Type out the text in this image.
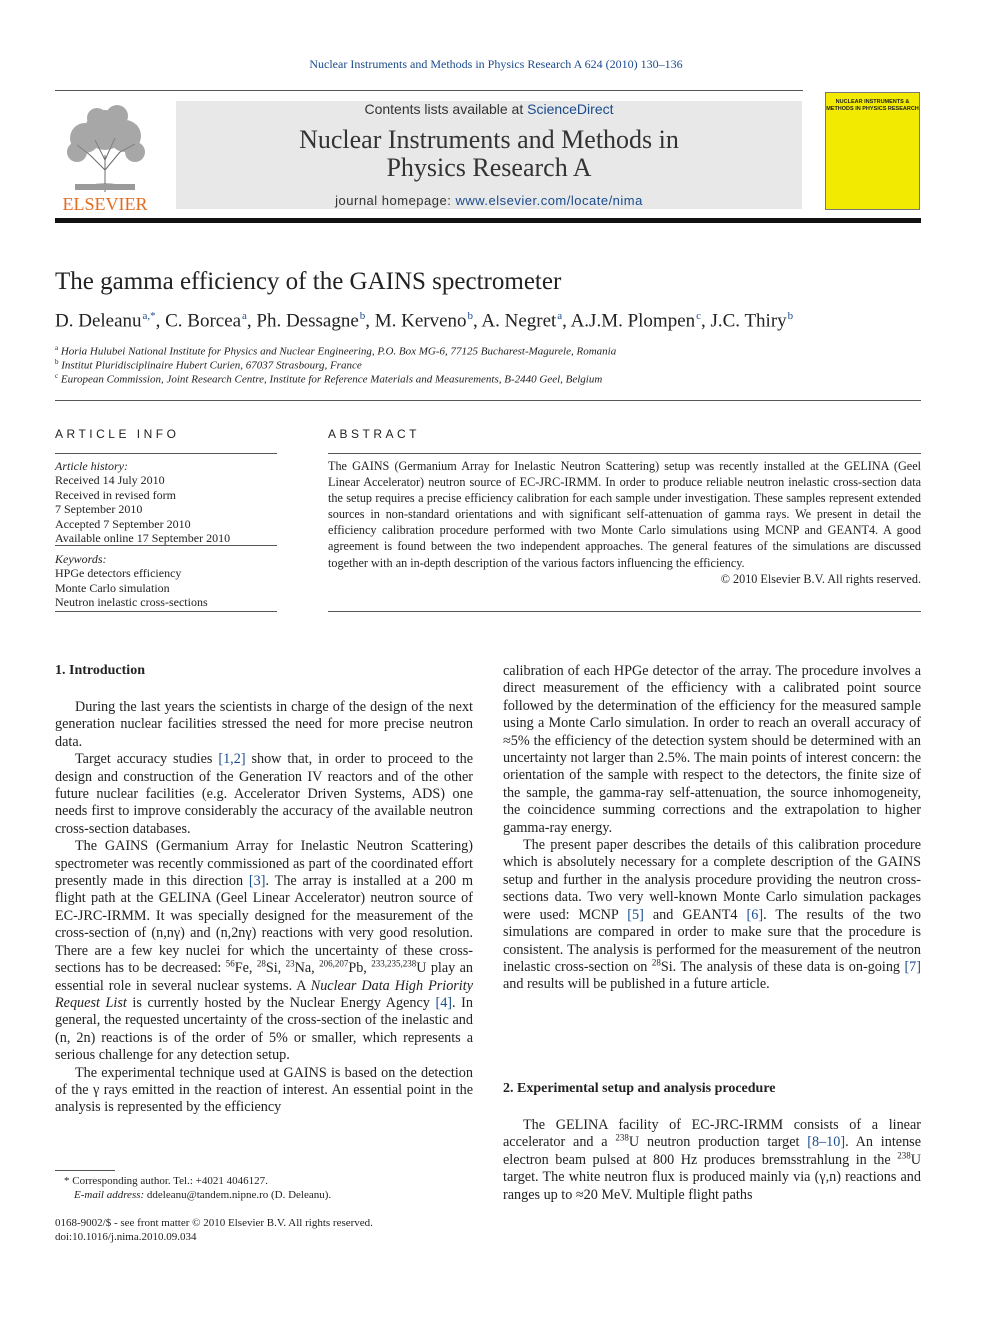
Nuclear Instruments and Methods in Physics Research A 624 (2010) 130–136
ELSEVIER
Contents lists available at ScienceDirect
Nuclear Instruments and Methods in
Physics Research A
journal homepage: www.elsevier.com/locate/nima
NUCLEAR INSTRUMENTS & METHODS IN PHYSICS RESEARCH
The gamma efficiency of the GAINS spectrometer
D. Deleanu $^{a,*}$, C. Borcea $^a$, Ph. Dessagne $^b$, M. Kerveno $^b$, A. Negret $^a$, A.J.M. Plompen $^c$, J.C. Thiry $^b$
$^a$ Horia Hulubei National Institute for Physics and Nuclear Engineering, P.O. Box MG-6, 77125 Bucharest-Magurele, Romania
$^b$ Institut Pluridisciplinaire Hubert Curien, 67037 Strasbourg, France
$^c$ European Commission, Joint Research Centre, Institute for Reference Materials and Measurements, B-2440 Geel, Belgium
ARTICLE INFO
Article history:
Received 14 July 2010
Received in revised form
7 September 2010
Accepted 7 September 2010
Available online 17 September 2010
Keywords:
HPGe detectors efficiency
Monte Carlo simulation
Neutron inelastic cross-sections
ABSTRACT
The GAINS (Germanium Array for Inelastic Neutron Scattering) setup was recently installed at the GELINA (Geel Linear Accelerator) neutron source of EC-JRC-IRMM. In order to produce reliable neutron inelastic cross-section data the setup requires a precise efficiency calibration for each sample under investigation. These samples represent extended sources in non-standard orientations and with significant self-attenuation of gamma rays. We present in detail the efficiency calibration procedure performed with two Monte Carlo simulations using MCNP and GEANT4. A good agreement is found between the two independent approaches. The general features of the simulations are discussed together with an in-depth description of the various factors influencing the efficiency.
© 2010 Elsevier B.V. All rights reserved.
1. Introduction

During the last years the scientists in charge of the design of the next generation nuclear facilities stressed the need for more precise neutron data.

Target accuracy studies [1,2] show that, in order to proceed to the design and construction of the Generation IV reactors and of the other future nuclear facilities (e.g. Accelerator Driven Systems, ADS) one needs first to improve considerably the accuracy of the available neutron cross-section databases.

The GAINS (Germanium Array for Inelastic Neutron Scattering) spectrometer was recently commissioned as part of the coordinated effort presently made in this direction [3]. The array is installed at a 200 m flight path at the GELINA (Geel Linear Accelerator) neutron source of EC-JRC-IRMM. It was specially designed for the measurement of the cross-section of (n,nγ) and (n,2nγ) reactions with very good resolution. There are a few key nuclei for which the uncertainty of these cross-sections has to be decreased: $^{56}$Fe, $^{28}$Si, $^{23}$Na, $^{206,207}$Pb, $^{233,235,238}$U play an essential role in several nuclear systems. A Nuclear Data High Priority Request List is currently hosted by the Nuclear Energy Agency [4]. In general, the requested uncertainty of the cross-section of the inelastic and (n, 2n) reactions is of the order of 5% or smaller, which represents a serious challenge for any detection setup.

The experimental technique used at GAINS is based on the detection of the γ rays emitted in the reaction of interest. An essential point in the analysis is represented by the efficiency

calibration of each HPGe detector of the array. The procedure involves a direct measurement of the efficiency with a calibrated point source followed by the determination of the efficiency for the measured sample using a Monte Carlo simulation. In order to reach an overall accuracy of ≈5% the efficiency of the detection system should be determined with an uncertainty not larger than 2.5%. The main points of interest concern: the orientation of the sample with respect to the detectors, the finite size of the sample, the gamma-ray self-attenuation, the source inhomogeneity, the coincidence summing corrections and the extrapolation to higher gamma-ray energy.

The present paper describes the details of this calibration procedure which is absolutely necessary for a complete description of the GAINS setup and further in the analysis procedure providing the neutron cross-sections data. Two very well-known Monte Carlo simulation packages were used: MCNP [5] and GEANT4 [6]. The results of the two simulations are compared in order to make sure that the procedure is consistent. The analysis is performed for the measurement of the neutron inelastic cross-section on $^{28}$Si. The analysis of these data is on-going [7] and results will be published in a future article.

2. Experimental setup and analysis procedure

The GELINA facility of EC-JRC-IRMM consists of a linear accelerator and a $^{238}$U neutron production target [8–10]. An intense electron beam pulsed at 800 Hz produces bremsstrahlung in the $^{238}$U target. The white neutron flux is produced mainly via (γ,n) reactions and ranges up to ≈20 MeV. Multiple flight paths

* Corresponding author. Tel.: +4021 4046127.
E-mail address: ddeleanu@tandem.nipne.ro (D. Deleanu).
0168-9002/$ - see front matter © 2010 Elsevier B.V. All rights reserved.
doi:10.1016/j.nima.2010.09.034
